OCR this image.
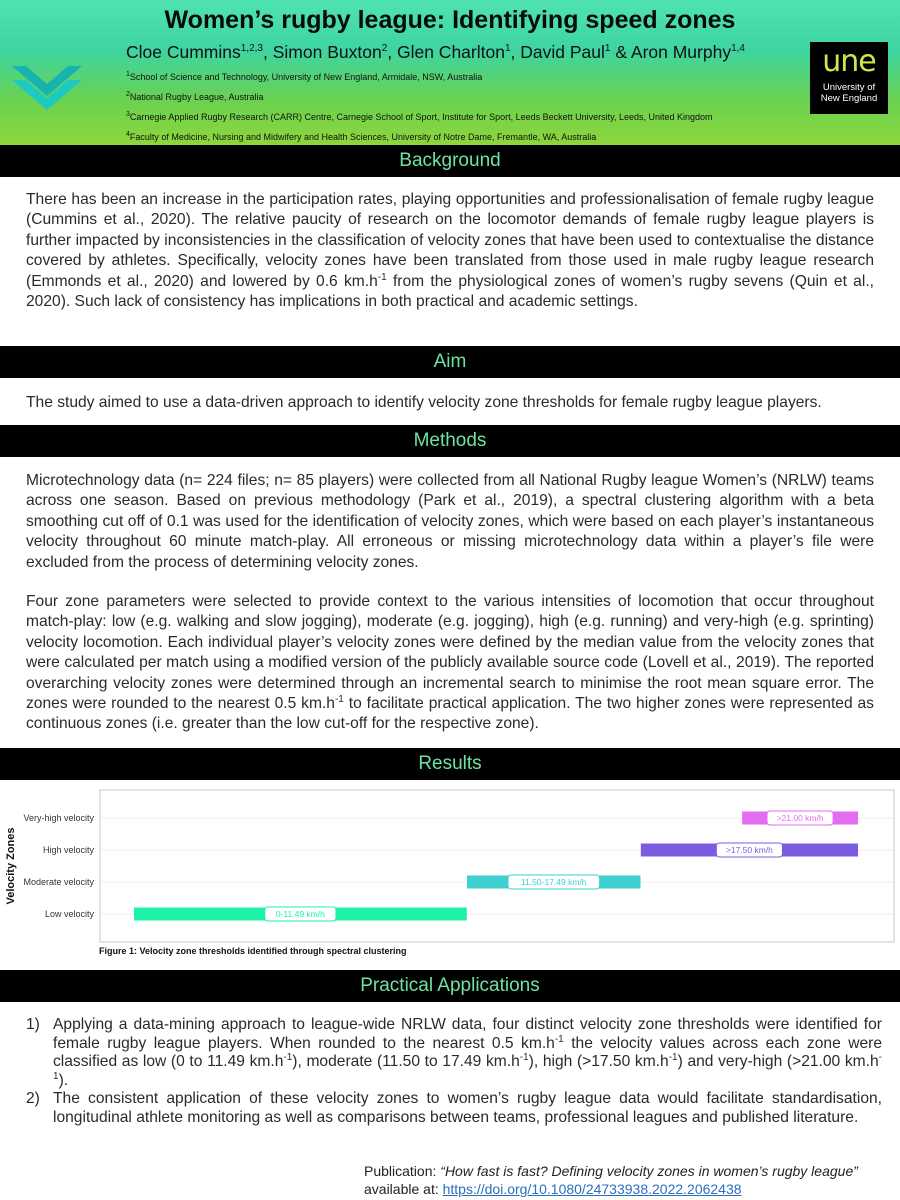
Women’s rugby league: Identifying speed zones
Cloe Cummins$^{1,2,3}$, Simon Buxton$^2$, Glen Charlton$^1$, David Paul$^1$ & Aron Murphy$^{1,4}$
$^1$School of Science and Technology, University of New England, Armidale, NSW, Australia
$^2$National Rugby League, Australia
$^3$Carnegie Applied Rugby Research (CARR) Centre, Carnegie School of Sport, Institute for Sport, Leeds Beckett University, Leeds, United Kingdom
$^4$Faculty of Medicine, Nursing and Midwifery and Health Sciences, University of Notre Dame, Fremantle, WA, Australia
une
University of
New England
Background
There has been an increase in the participation rates, playing opportunities and professionalisation of female rugby league (Cummins et al., 2020). The relative paucity of research on the locomotor demands of female rugby league players is further impacted by inconsistencies in the classification of velocity zones that have been used to contextualise the distance covered by athletes. Specifically, velocity zones have been translated from those used in male rugby league research (Emmonds et al., 2020) and lowered by 0.6 $km.h^{-1}$ from the physiological zones of women’s rugby sevens (Quin et al., 2020). Such lack of consistency has implications in both practical and academic settings.
Aim
The study aimed to use a data-driven approach to identify velocity zone thresholds for female rugby league players.
Methods
Microtechnology data (n= 224 files; n= 85 players) were collected from all National Rugby league Women’s (NRLW) teams across one season. Based on previous methodology (Park et al., 2019), a spectral clustering algorithm with a beta smoothing cut off of 0.1 was used for the identification of velocity zones, which were based on each player’s instantaneous velocity throughout 60 minute match-play. All erroneous or missing microtechnology data within a player’s file were excluded from the process of determining velocity zones.
Four zone parameters were selected to provide context to the various intensities of locomotion that occur throughout match-play: low (e.g. walking and slow jogging), moderate (e.g. jogging), high (e.g. running) and very-high (e.g. sprinting) velocity locomotion. Each individual player’s velocity zones were defined by the median value from the velocity zones that were calculated per match using a modified version of the publicly available source code (Lovell et al., 2019). The reported overarching velocity zones were determined through an incremental search to minimise the root mean square error. The zones were rounded to the nearest 0.5 $km.h^{-1}$ to facilitate practical application. The two higher zones were represented as continuous zones (i.e. greater than the low cut-off for the respective zone).
Results
Low velocity
Moderate velocity
High velocity
Very-high velocity
Velocity Zones
0-11.49 km/h
11.50-17.49 km/h
>17.50 km/h
>21.00 km/h
Figure 1: Velocity zone thresholds identified through spectral clustering
Practical Applications
1) Applying a data-mining approach to league-wide NRLW data, four distinct velocity zone thresholds were identified for female rugby league players. When rounded to the nearest 0.5 $km.h^{-1}$ the velocity values across each zone were classified as low (0 to 11.49 $km.h^{-1}$), moderate (11.50 to 17.49 $km.h^{-1}$), high (>17.50 $km.h^{-1}$) and very-high (>21.00 $km.h^{-1}$).
2) The consistent application of these velocity zones to women’s rugby league data would facilitate standardisation, longitudinal athlete monitoring as well as comparisons between teams, professional leagues and published literature.
Publication: “How fast is fast? Defining velocity zones in women’s rugby league”
available at: https://doi.org/10.1080/24733938.2022.2062438
